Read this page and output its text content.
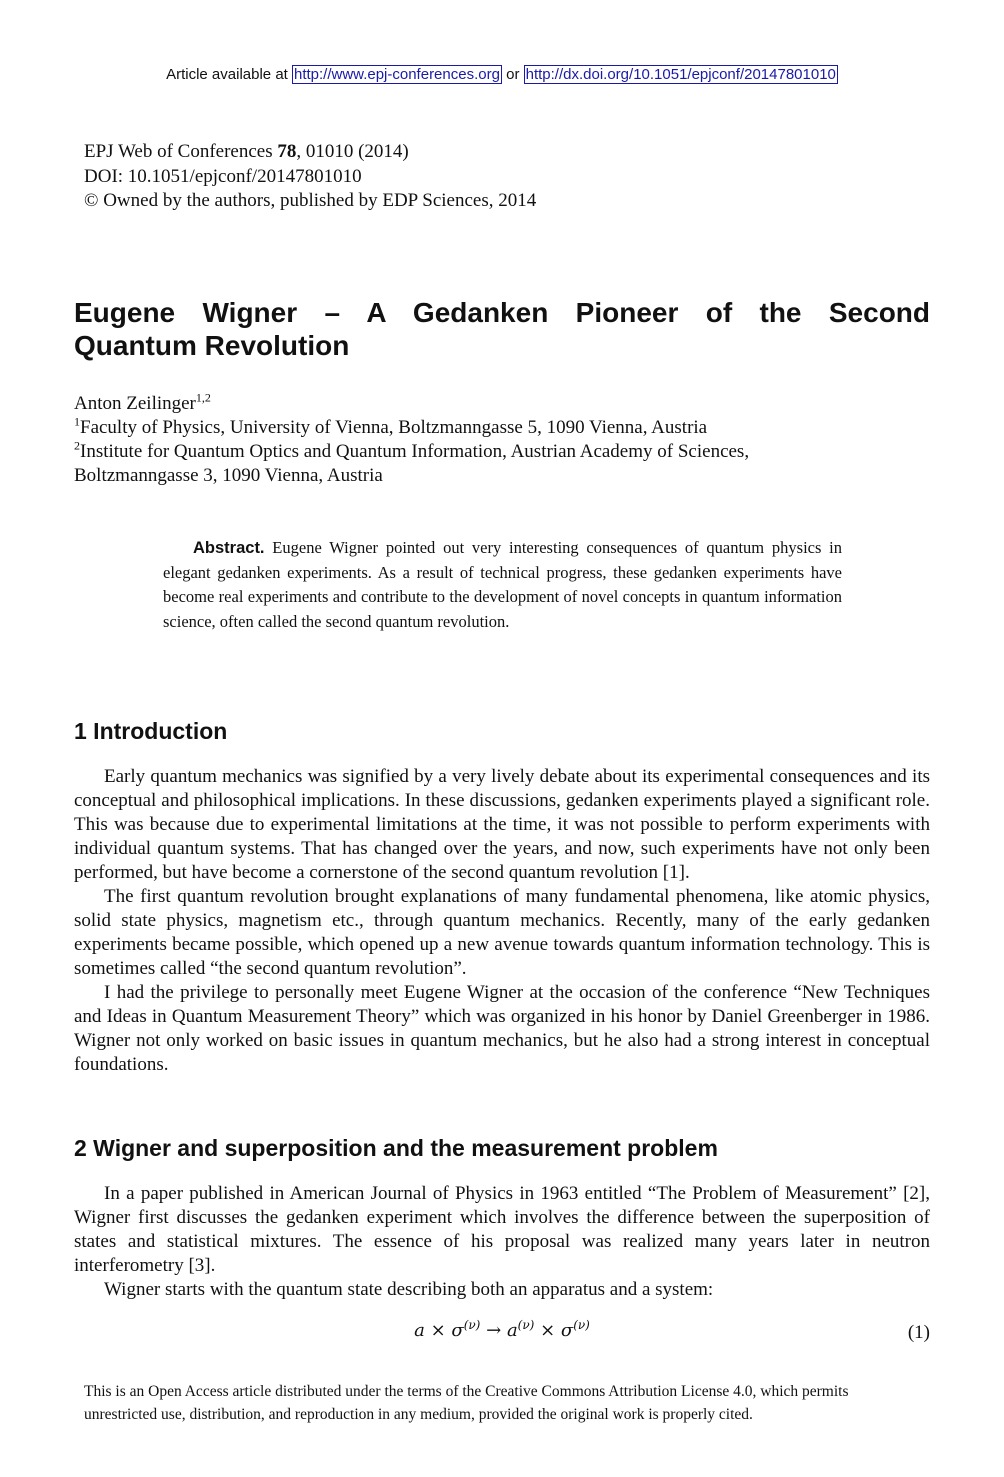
Article available at http://www.epj-conferences.org or http://dx.doi.org/10.1051/epjconf/20147801010
EPJ Web of Conferences 78, 01010 (2014)
DOI: 10.1051/epjconf/20147801010
© Owned by the authors, published by EDP Sciences, 2014
Eugene Wigner – A Gedanken Pioneer of the Second
Quantum Revolution
Anton Zeilinger$^{1,2}$
$^1$Faculty of Physics, University of Vienna, Boltzmanngasse 5, 1090 Vienna, Austria
$^2$Institute for Quantum Optics and Quantum Information, Austrian Academy of Sciences,
Boltzmanngasse 3, 1090 Vienna, Austria
Abstract. Eugene Wigner pointed out very interesting consequences of quantum physics in elegant gedanken experiments. As a result of technical progress, these gedanken experiments have become real experiments and contribute to the development of novel concepts in quantum information science, often called the second quantum revolution.
1 Introduction

Early quantum mechanics was signified by a very lively debate about its experimental consequences and its conceptual and philosophical implications. In these discussions, gedanken experiments played a significant role. This was because due to experimental limitations at the time, it was not possible to perform experiments with individual quantum systems. That has changed over the years, and now, such experiments have not only been performed, but have become a cornerstone of the second quantum revolution [1].

The first quantum revolution brought explanations of many fundamental phenomena, like atomic physics, solid state physics, magnetism etc., through quantum mechanics. Recently, many of the early gedanken experiments became possible, which opened up a new avenue towards quantum information technology. This is sometimes called “the second quantum revolution”.

I had the privilege to personally meet Eugene Wigner at the occasion of the conference “New Techniques and Ideas in Quantum Measurement Theory” which was organized in his honor by Daniel Greenberger in 1986. Wigner not only worked on basic issues in quantum mechanics, but he also had a strong interest in conceptual foundations.

2 Wigner and superposition and the measurement problem

In a paper published in American Journal of Physics in 1963 entitled “The Problem of Measurement” [2], Wigner first discusses the gedanken experiment which involves the difference between the superposition of states and statistical mixtures. The essence of his proposal was realized many years later in neutron interferometry [3].

Wigner starts with the quantum state describing both an apparatus and a system:

$a \times \sigma^{(\nu)} \to a^{(\nu)} \times \sigma^{(\nu)}$	(1)
This is an Open Access article distributed under the terms of the Creative Commons Attribution License 4.0, which permits
unrestricted use, distribution, and reproduction in any medium, provided the original work is properly cited.
